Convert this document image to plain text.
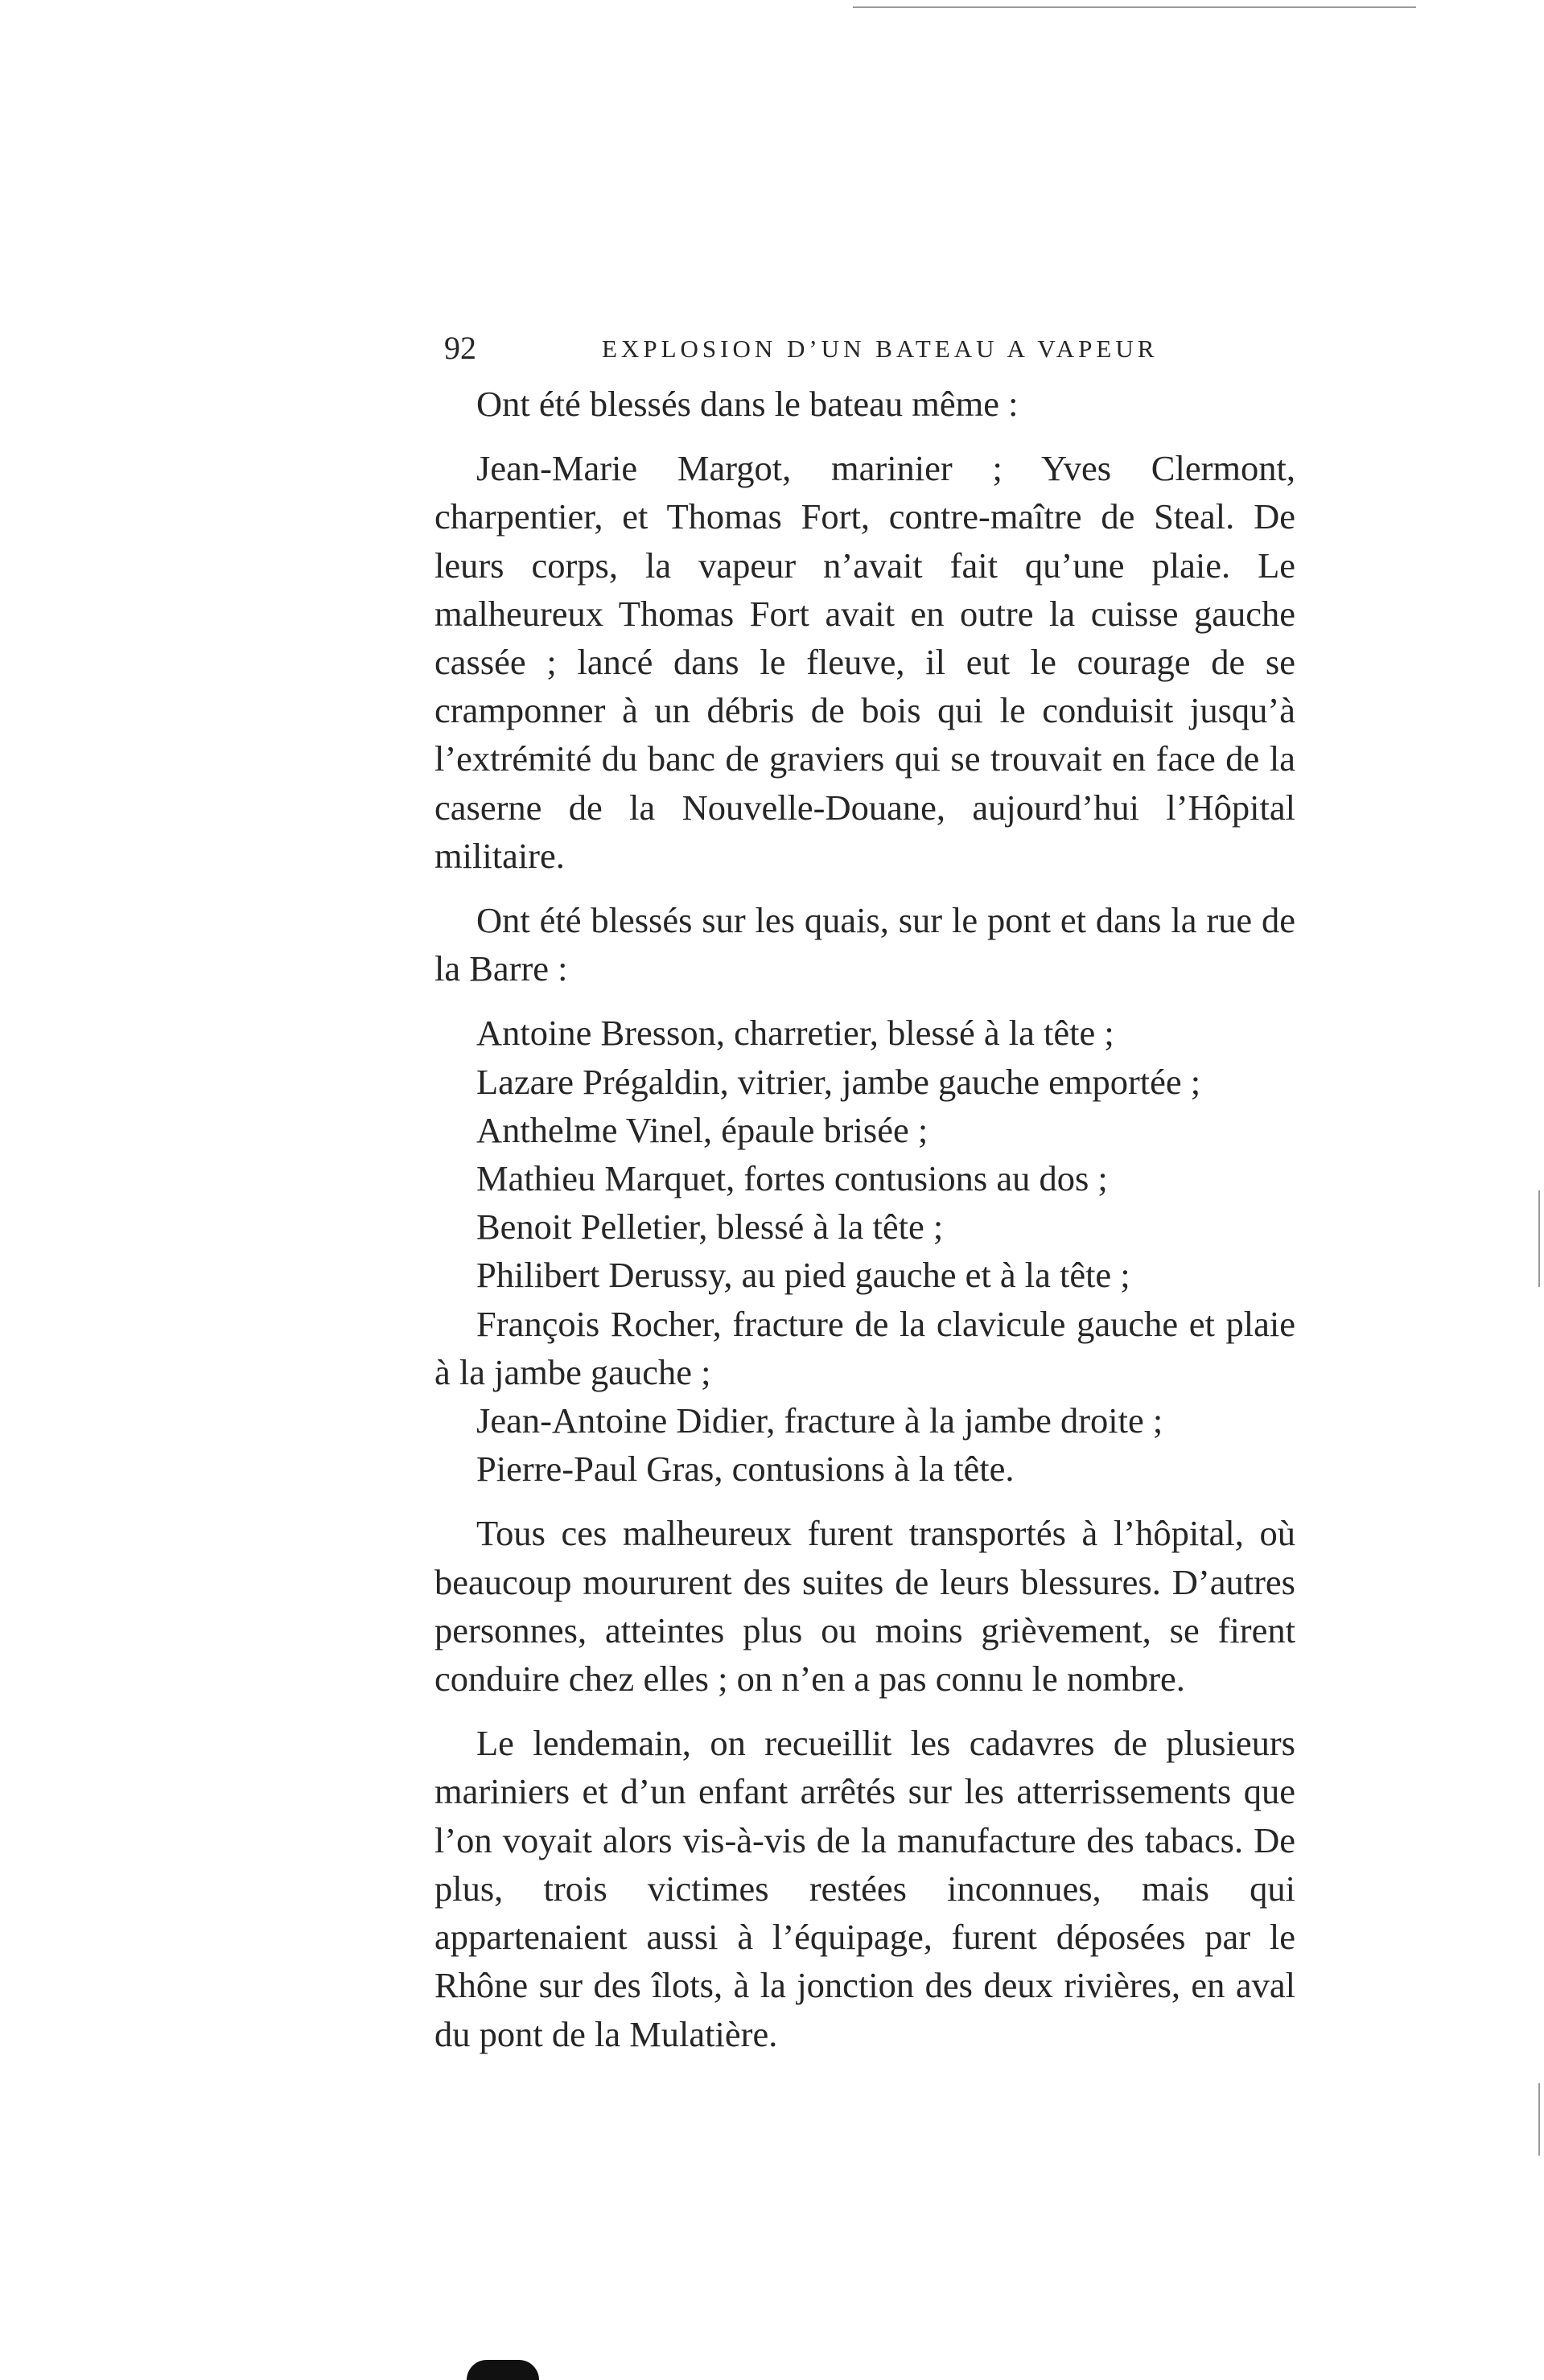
92	EXPLOSION D’UN BATEAU A VAPEUR

Ont été blessés dans le bateau même :

Jean-Marie Margot, marinier ; Yves Clermont, charpentier, et Thomas Fort, contre-maître de Steal. De leurs corps, la vapeur n’avait fait qu’une plaie. Le malheureux Thomas Fort avait en outre la cuisse gauche cassée ; lancé dans le fleuve, il eut le courage de se cramponner à un débris de bois qui le conduisit jusqu’à l’extrémité du banc de graviers qui se trouvait en face de la caserne de la Nouvelle-Douane, aujourd’hui l’Hôpital militaire.

Ont été blessés sur les quais, sur le pont et dans la rue de la Barre :

Antoine Bresson, charretier, blessé à la tête ;

Lazare Prégaldin, vitrier, jambe gauche emportée ;

Anthelme Vinel, épaule brisée ;

Mathieu Marquet, fortes contusions au dos ;

Benoit Pelletier, blessé à la tête ;

Philibert Derussy, au pied gauche et à la tête ;

François Rocher, fracture de la clavicule gauche et plaie à la jambe gauche ;

Jean-Antoine Didier, fracture à la jambe droite ;

Pierre-Paul Gras, contusions à la tête.

Tous ces malheureux furent transportés à l’hôpital, où beaucoup moururent des suites de leurs blessures. D’autres personnes, atteintes plus ou moins grièvement, se firent conduire chez elles ; on n’en a pas connu le nombre.

Le lendemain, on recueillit les cadavres de plusieurs mariniers et d’un enfant arrêtés sur les atterrissements que l’on voyait alors vis-à-vis de la manufacture des tabacs. De plus, trois victimes restées inconnues, mais qui appartenaient aussi à l’équipage, furent déposées par le Rhône sur des îlots, à la jonction des deux rivières, en aval du pont de la Mulatière.
